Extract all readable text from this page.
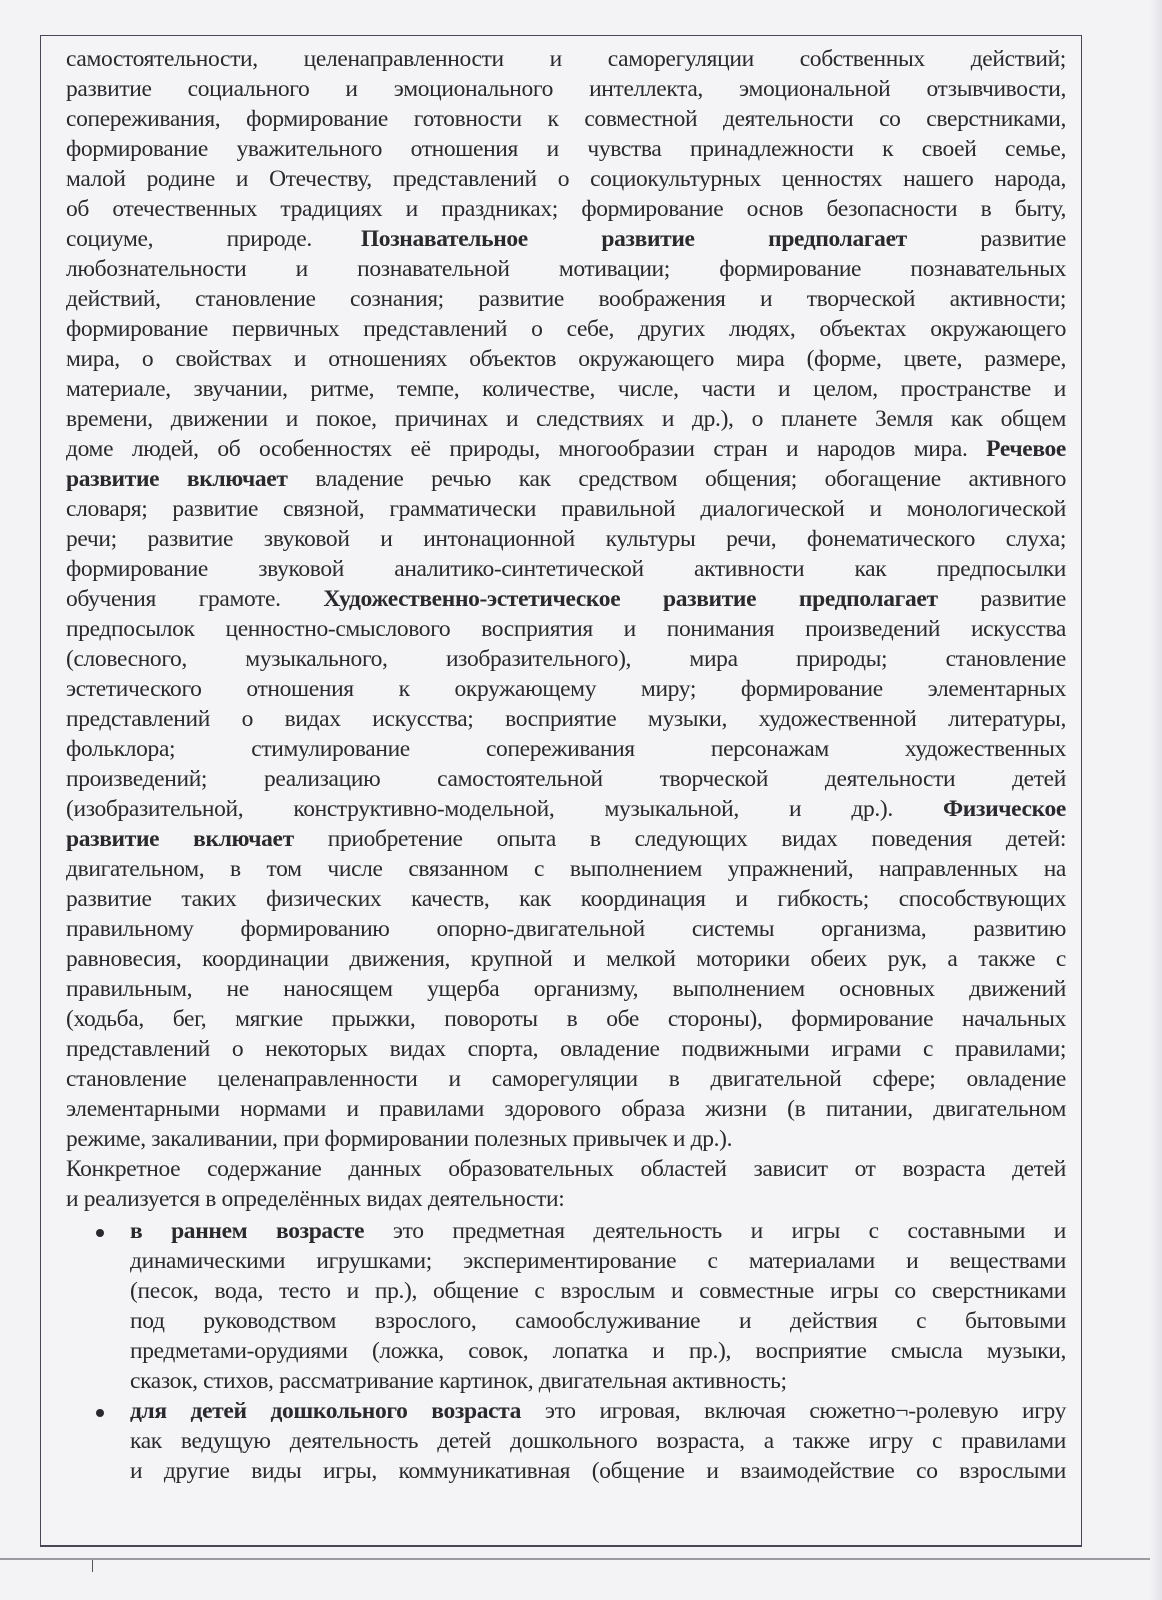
самостоятельности, целенаправленности и саморегуляции собственных действий;
развитие социального и эмоционального интеллекта, эмоциональной отзывчивости,
сопереживания, формирование готовности к совместной деятельности со сверстниками,
формирование уважительного отношения и чувства принадлежности к своей семье,
малой родине и Отечеству, представлений о социокультурных ценностях нашего народа,
об отечественных традициях и праздниках; формирование основ безопасности в быту,
социуме,   природе.  Познавательное   развитие   предполагает   развитие
любознательности и познавательной мотивации; формирование познавательных
действий, становление сознания; развитие воображения и творческой активности;
формирование первичных представлений о себе, других людях, объектах окружающего
мира, о свойствах и отношениях объектов окружающего мира (форме, цвете, размере,
материале, звучании, ритме, темпе, количестве, числе, части и целом, пространстве и
времени, движении и покое, причинах и следствиях и др.), о планете Земля как общем
доме людей, об особенностях её природы, многообразии стран и народов мира. Речевое
развитие включает владение речью как средством общения; обогащение активного
словаря; развитие связной, грамматически правильной диалогической и монологической
речи; развитие звуковой и интонационной культуры речи, фонематического слуха;
формирование звуковой аналитико-синтетической активности как предпосылки
обучения грамоте. Художественно-эстетическое развитие предполагает развитие
предпосылок ценностно-смыслового восприятия и понимания произведений искусства
(словесного, музыкального, изобразительного), мира природы; становление
эстетического отношения к окружающему миру; формирование элементарных
представлений о видах искусства; восприятие музыки, художественной литературы,
фольклора; стимулирование сопереживания персонажам художественных
произведений; реализацию самостоятельной творческой деятельности детей
(изобразительной, конструктивно-модельной, музыкальной, и др.). Физическое
развитие включает приобретение опыта в следующих видах поведения детей:
двигательном, в том числе связанном с выполнением упражнений, направленных на
развитие таких физических качеств, как координация и гибкость; способствующих
правильному формированию опорно-двигательной системы организма, развитию
равновесия, координации движения, крупной и мелкой моторики обеих рук, а также с
правильным, не наносящем ущерба организму, выполнением основных движений
(ходьба, бег, мягкие прыжки, повороты в обе стороны), формирование начальных
представлений о некоторых видах спорта, овладение подвижными играми с правилами;
становление целенаправленности и саморегуляции в двигательной сфере; овладение
элементарными нормами и правилами здорового образа жизни (в питании, двигательном
режиме, закаливании, при формировании полезных привычек и др.).
Конкретное содержание данных образовательных областей зависит от возраста детей
и реализуется в определённых видах деятельности:
в раннем возрасте это предметная деятельность и игры с составными и
динамическими игрушками; экспериментирование с материалами и веществами
(песок, вода, тесто и пр.), общение с взрослым и совместные игры со сверстниками
под руководством взрослого, самообслуживание и действия с бытовыми
предметами-орудиями (ложка, совок, лопатка и пр.), восприятие смысла музыки,
сказок, стихов, рассматривание картинок, двигательная активность;
для детей дошкольного возраста это игровая, включая сюжетно¬-ролевую игру
как ведущую деятельность детей дошкольного возраста, а также игру с правилами
и другие виды игры, коммуникативная (общение и взаимодействие со взрослыми
